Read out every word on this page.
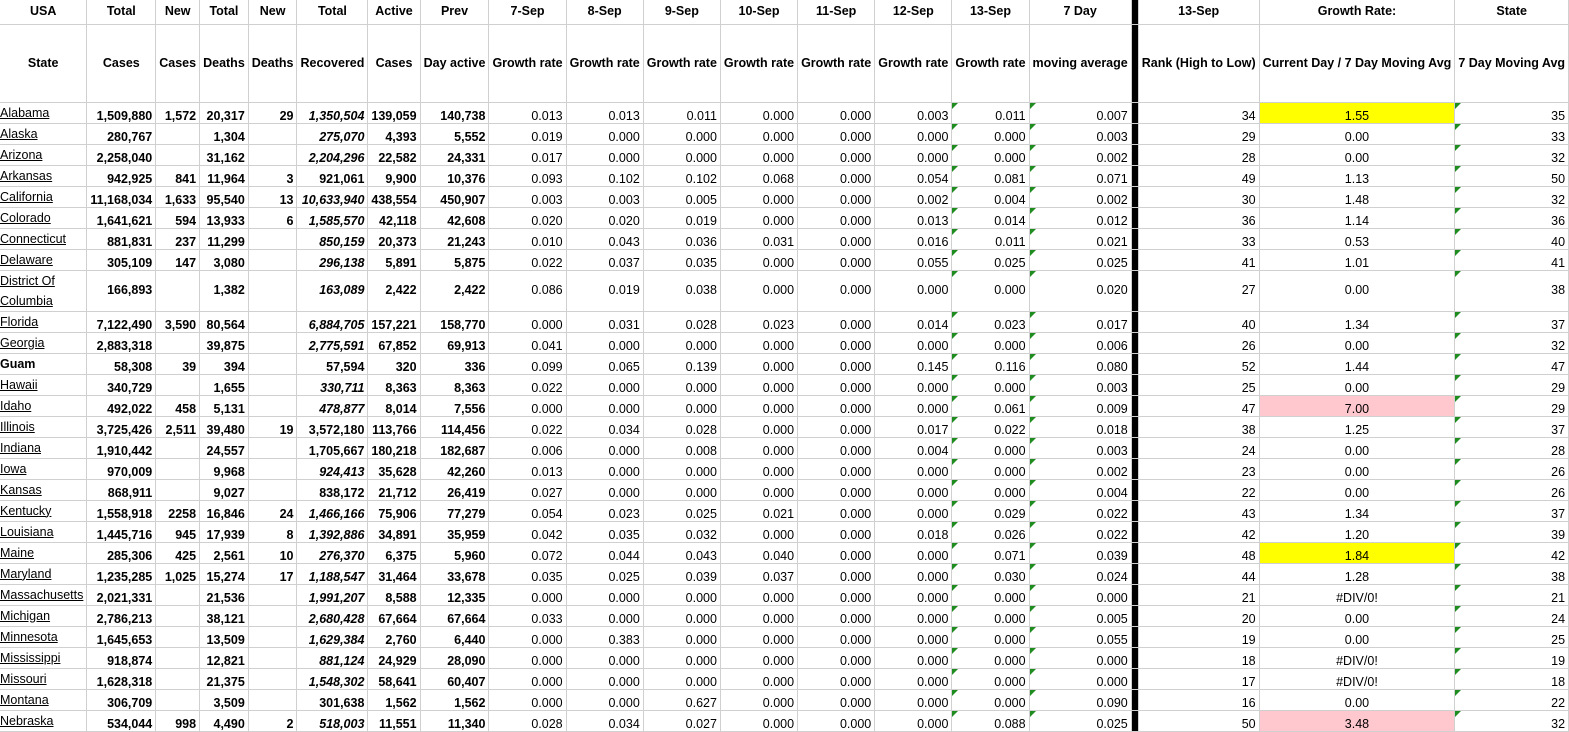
USA	Total	New	Total	New	Total	Active	Prev	7-Sep	8-Sep	9-Sep	10-Sep	11-Sep	12-Sep	13-Sep	7 Day		13-Sep	Growth Rate:	State
State	Cases	Cases	Deaths	Deaths	Recovered	Cases	Day active	Growth rate	Growth rate	Growth rate	Growth rate	Growth rate	Growth rate	Growth rate	moving average		Rank (High to Low)	Current Day / 7 Day Moving Avg	7 Day Moving Avg
Alabama	1,509,880	1,572	20,317	29	1,350,504	139,059	140,738	0.013	0.013	0.011	0.000	0.000	0.003	0.011	0.007		34	1.55	35
Alaska	280,767		1,304		275,070	4,393	5,552	0.019	0.000	0.000	0.000	0.000	0.000	0.000	0.003		29	0.00	33
Arizona	2,258,040		31,162		2,204,296	22,582	24,331	0.017	0.000	0.000	0.000	0.000	0.000	0.000	0.002		28	0.00	32
Arkansas	942,925	841	11,964	3	921,061	9,900	10,376	0.093	0.102	0.102	0.068	0.000	0.054	0.081	0.071		49	1.13	50
California	11,168,034	1,633	95,540	13	10,633,940	438,554	450,907	0.003	0.003	0.005	0.000	0.000	0.002	0.004	0.002		30	1.48	32
Colorado	1,641,621	594	13,933	6	1,585,570	42,118	42,608	0.020	0.020	0.019	0.000	0.000	0.013	0.014	0.012		36	1.14	36
Connecticut	881,831	237	11,299		850,159	20,373	21,243	0.010	0.043	0.036	0.031	0.000	0.016	0.011	0.021		33	0.53	40
Delaware	305,109	147	3,080		296,138	5,891	5,875	0.022	0.037	0.035	0.000	0.000	0.055	0.025	0.025		41	1.01	41
District Of Columbia	166,893		1,382		163,089	2,422	2,422	0.086	0.019	0.038	0.000	0.000	0.000	0.000	0.020		27	0.00	38
Florida	7,122,490	3,590	80,564		6,884,705	157,221	158,770	0.000	0.031	0.028	0.023	0.000	0.014	0.023	0.017		40	1.34	37
Georgia	2,883,318		39,875		2,775,591	67,852	69,913	0.041	0.000	0.000	0.000	0.000	0.000	0.000	0.006		26	0.00	32
Guam	58,308	39	394		57,594	320	336	0.099	0.065	0.139	0.000	0.000	0.145	0.116	0.080		52	1.44	47
Hawaii	340,729		1,655		330,711	8,363	8,363	0.022	0.000	0.000	0.000	0.000	0.000	0.000	0.003		25	0.00	29
Idaho	492,022	458	5,131		478,877	8,014	7,556	0.000	0.000	0.000	0.000	0.000	0.000	0.061	0.009		47	7.00	29
Illinois	3,725,426	2,511	39,480	19	3,572,180	113,766	114,456	0.022	0.034	0.028	0.000	0.000	0.017	0.022	0.018		38	1.25	37
Indiana	1,910,442		24,557		1,705,667	180,218	182,687	0.006	0.000	0.008	0.000	0.000	0.004	0.000	0.003		24	0.00	28
Iowa	970,009		9,968		924,413	35,628	42,260	0.013	0.000	0.000	0.000	0.000	0.000	0.000	0.002		23	0.00	26
Kansas	868,911		9,027		838,172	21,712	26,419	0.027	0.000	0.000	0.000	0.000	0.000	0.000	0.004		22	0.00	26
Kentucky	1,558,918	2258	16,846	24	1,466,166	75,906	77,279	0.054	0.023	0.025	0.021	0.000	0.000	0.029	0.022		43	1.34	37
Louisiana	1,445,716	945	17,939	8	1,392,886	34,891	35,959	0.042	0.035	0.032	0.000	0.000	0.018	0.026	0.022		42	1.20	39
Maine	285,306	425	2,561	10	276,370	6,375	5,960	0.072	0.044	0.043	0.040	0.000	0.000	0.071	0.039		48	1.84	42
Maryland	1,235,285	1,025	15,274	17	1,188,547	31,464	33,678	0.035	0.025	0.039	0.037	0.000	0.000	0.030	0.024		44	1.28	38
Massachusetts	2,021,331		21,536		1,991,207	8,588	12,335	0.000	0.000	0.000	0.000	0.000	0.000	0.000	0.000		21	#DIV/0!	21
Michigan	2,786,213		38,121		2,680,428	67,664	67,664	0.033	0.000	0.000	0.000	0.000	0.000	0.000	0.005		20	0.00	24
Minnesota	1,645,653		13,509		1,629,384	2,760	6,440	0.000	0.383	0.000	0.000	0.000	0.000	0.000	0.055		19	0.00	25
Mississippi	918,874		12,821		881,124	24,929	28,090	0.000	0.000	0.000	0.000	0.000	0.000	0.000	0.000		18	#DIV/0!	19
Missouri	1,628,318		21,375		1,548,302	58,641	60,407	0.000	0.000	0.000	0.000	0.000	0.000	0.000	0.000		17	#DIV/0!	18
Montana	306,709		3,509		301,638	1,562	1,562	0.000	0.000	0.627	0.000	0.000	0.000	0.000	0.090		16	0.00	22
Nebraska	534,044	998	4,490	2	518,003	11,551	11,340	0.028	0.034	0.027	0.000	0.000	0.000	0.088	0.025		50	3.48	32
